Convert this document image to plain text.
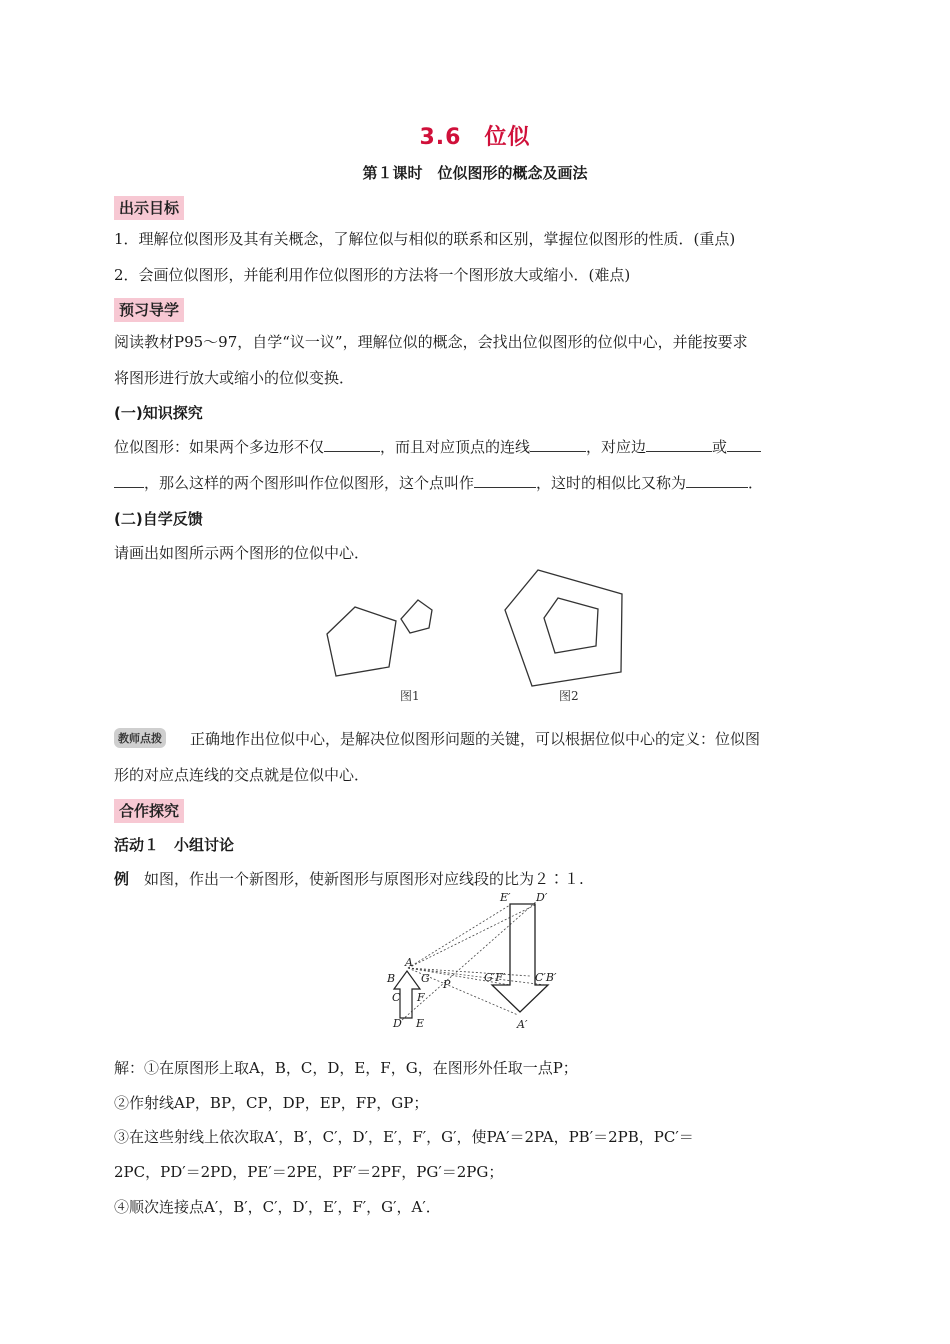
3.6　位似
第１课时　位似图形的概念及画法
出示目标
1．理解位似图形及其有关概念，了解位似与相似的联系和区别，掌握位似图形的性质．(重点)
2．会画位似图形，并能利用作位似图形的方法将一个图形放大或缩小．(难点)
预习导学
阅读教材P95～97，自学“议一议”，理解位似的概念，会找出位似图形的位似中心，并能按要求
将图形进行放大或缩小的位似变换．
(一)知识探究
位似图形：如果两个多边形不仅	，而且对应顶点的连线	，对应边	或
，那么这样的两个图形叫作位似图形，这个点叫作	，这时的相似比又称为	．
(二)自学反馈
请画出如图所示两个图形的位似中心．
图1	图2
教师点拨 正确地作出位似中心，是解决位似图形问题的关键，可以根据位似中心的定义：位似图
形的对应点连线的交点就是位似中心．
合作探究
活动１　小组讨论
例　 如图，作出一个新图形，使新图形与原图形对应线段的比为２∶１.
A
B G
C F
D E
P
E′ D′
G′F′	C′B′
A′
解：①在原图形上取A，B，C，D，E，F，G，在图形外任取一点P；
②作射线AP，BP，CP，DP，EP，FP，GP；
③在这些射线上依次取A′，B′，C′，D′，E′，F′，G′，使PA′＝2PA，PB′＝2PB，PC′＝
2PC，PD′＝2PD，PE′＝2PE，PF′＝2PF，PG′＝2PG；
④顺次连接点A′，B′，C′，D′，E′，F′，G′，A′．
